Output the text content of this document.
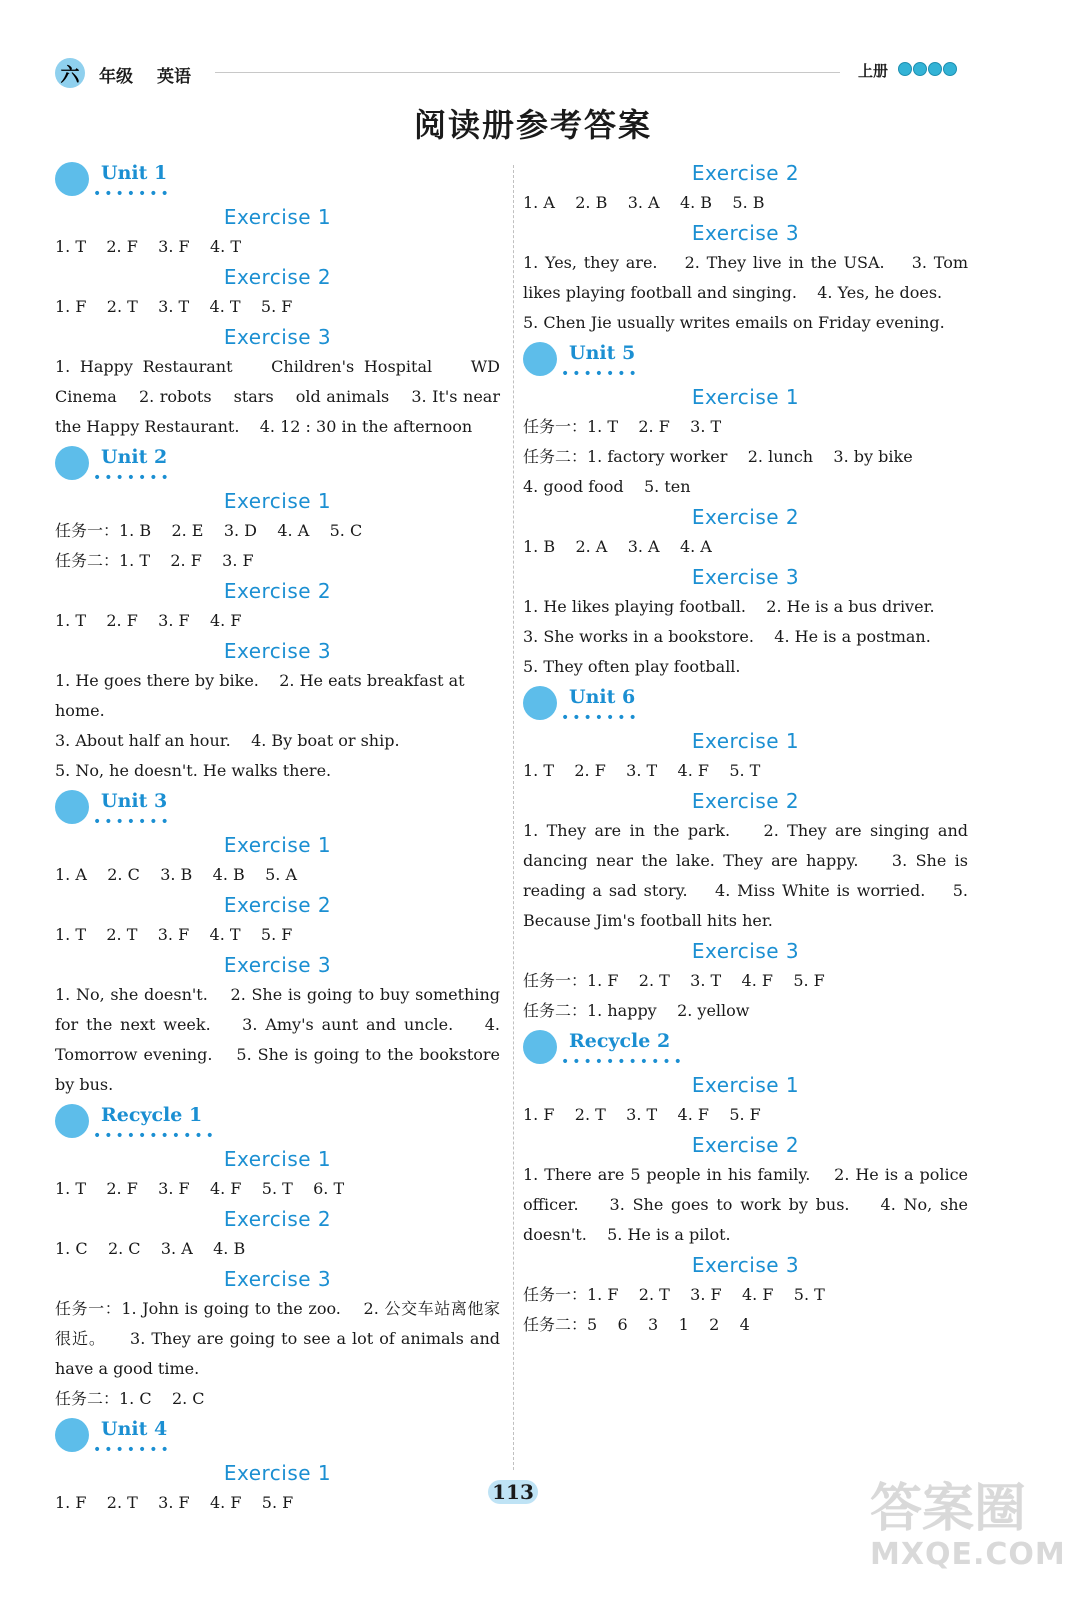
六	年级 英语	上册
阅读册参考答案
Unit 1
•••••••
Exercise 1
1. T    2. F    3. F    4. T
Exercise 2
1. F    2. T    3. T    4. T    5. F
Exercise 3
1. Happy Restaurant    Children's Hospital    WD Cinema    2. robots    stars    old animals    3. It's near the Happy Restaurant.    4. 12 : 30 in the afternoon
Unit 2
•••••••
Exercise 1
任务一：1. B    2. E    3. D    4. A    5. C
任务二：1. T    2. F    3. F
Exercise 2
1. T    2. F    3. F    4. F
Exercise 3
1. He goes there by bike.    2. He eats breakfast at home.
3. About half an hour.    4. By boat or ship.
5. No, he doesn't. He walks there.
Unit 3
•••••••
Exercise 1
1. A    2. C    3. B    4. B    5. A
Exercise 2
1. T    2. T    3. F    4. T    5. F
Exercise 3
1. No, she doesn't.    2. She is going to buy something for the next week.    3. Amy's aunt and uncle.    4. Tomorrow evening.    5. She is going to the bookstore by bus.
Recycle 1
•••••••••••
Exercise 1
1. T    2. F    3. F    4. F    5. T    6. T
Exercise 2
1. C    2. C    3. A    4. B
Exercise 3
任务一：1. John is going to the zoo.    2. 公交车站离他家很近。    3. They are going to see a lot of animals and have a good time.
任务二：1. C    2. C
Unit 4
•••••••
Exercise 1
1. F    2. T    3. F    4. F    5. F
Exercise 2
1. A    2. B    3. A    4. B    5. B
Exercise 3
1. Yes, they are.    2. They live in the USA.    3. Tom likes playing football and singing.    4. Yes, he does.
5. Chen Jie usually writes emails on Friday evening.
Unit 5
•••••••
Exercise 1
任务一：1. T    2. F    3. T
任务二：1. factory worker    2. lunch    3. by bike
4. good food    5. ten
Exercise 2
1. B    2. A    3. A    4. A
Exercise 3
1. He likes playing football.    2. He is a bus driver.
3. She works in a bookstore.    4. He is a postman.
5. They often play football.
Unit 6
•••••••
Exercise 1
1. T    2. F    3. T    4. F    5. T
Exercise 2
1. They are in the park.    2. They are singing and dancing near the lake. They are happy.    3. She is reading a sad story.    4. Miss White is worried.    5. Because Jim's football hits her.
Exercise 3
任务一：1. F    2. T    3. T    4. F    5. F
任务二：1. happy    2. yellow
Recycle 2
•••••••••••
Exercise 1
1. F    2. T    3. T    4. F    5. F
Exercise 2
1. There are 5 people in his family.    2. He is a police officer.    3. She goes to work by bus.    4. No, she doesn't.    5. He is a pilot.
Exercise 3
任务一：1. F    2. T    3. F    4. F    5. T
任务二：5    6    3    1    2    4
113	答案圈
MXQE.COM
